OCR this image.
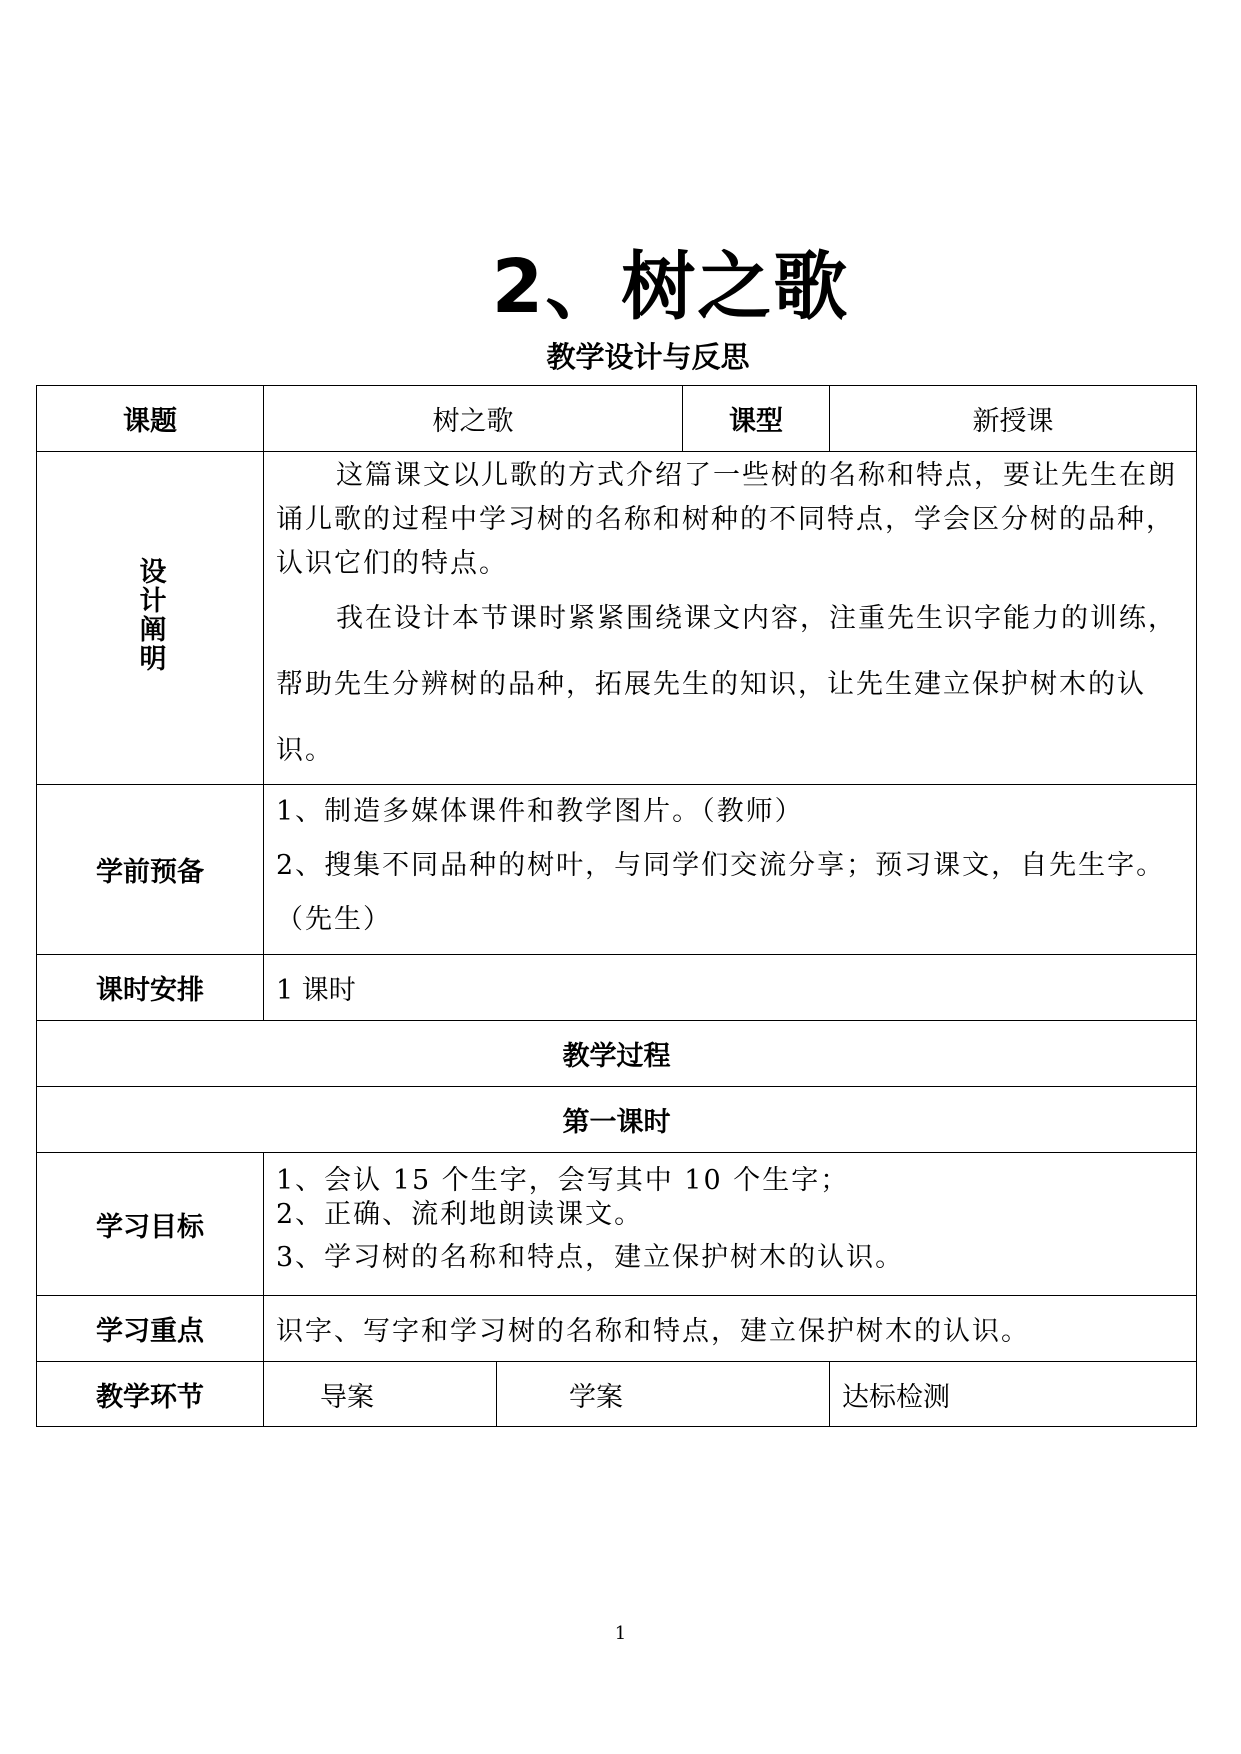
2、树之歌
教学设计与反思
课题	树之歌		课型	新授课
设计阐明	这篇课文以儿歌的方式介绍了一些树的名称和特点，要让先生在朗诵儿歌的过程中学习树的名称和树种的不同特点，学会区分树的品种，认识它们的特点。

我在设计本节课时紧紧围绕课文内容，注重先生识字能力的训练，帮助先生分辨树的品种，拓展先生的知识，让先生建立保护树木的认识。			

学前预备	1、制造多媒体课件和教学图片。（教师）

2、搜集不同品种的树叶，与同学们交流分享；预习课文，自先生字。（先生）			

课时安排	1 课时			
教学过程				
第一课时				
学习目标	1、会认 15 个生字，会写其中 10 个生字；

2、正确、流利地朗读课文。

3、学习树的名称和特点，建立保护树木的认识。			

学习重点	识字、写字和学习树的名称和特点，建立保护树木的认识。			
教学环节	导案	学案		达标检测
1
